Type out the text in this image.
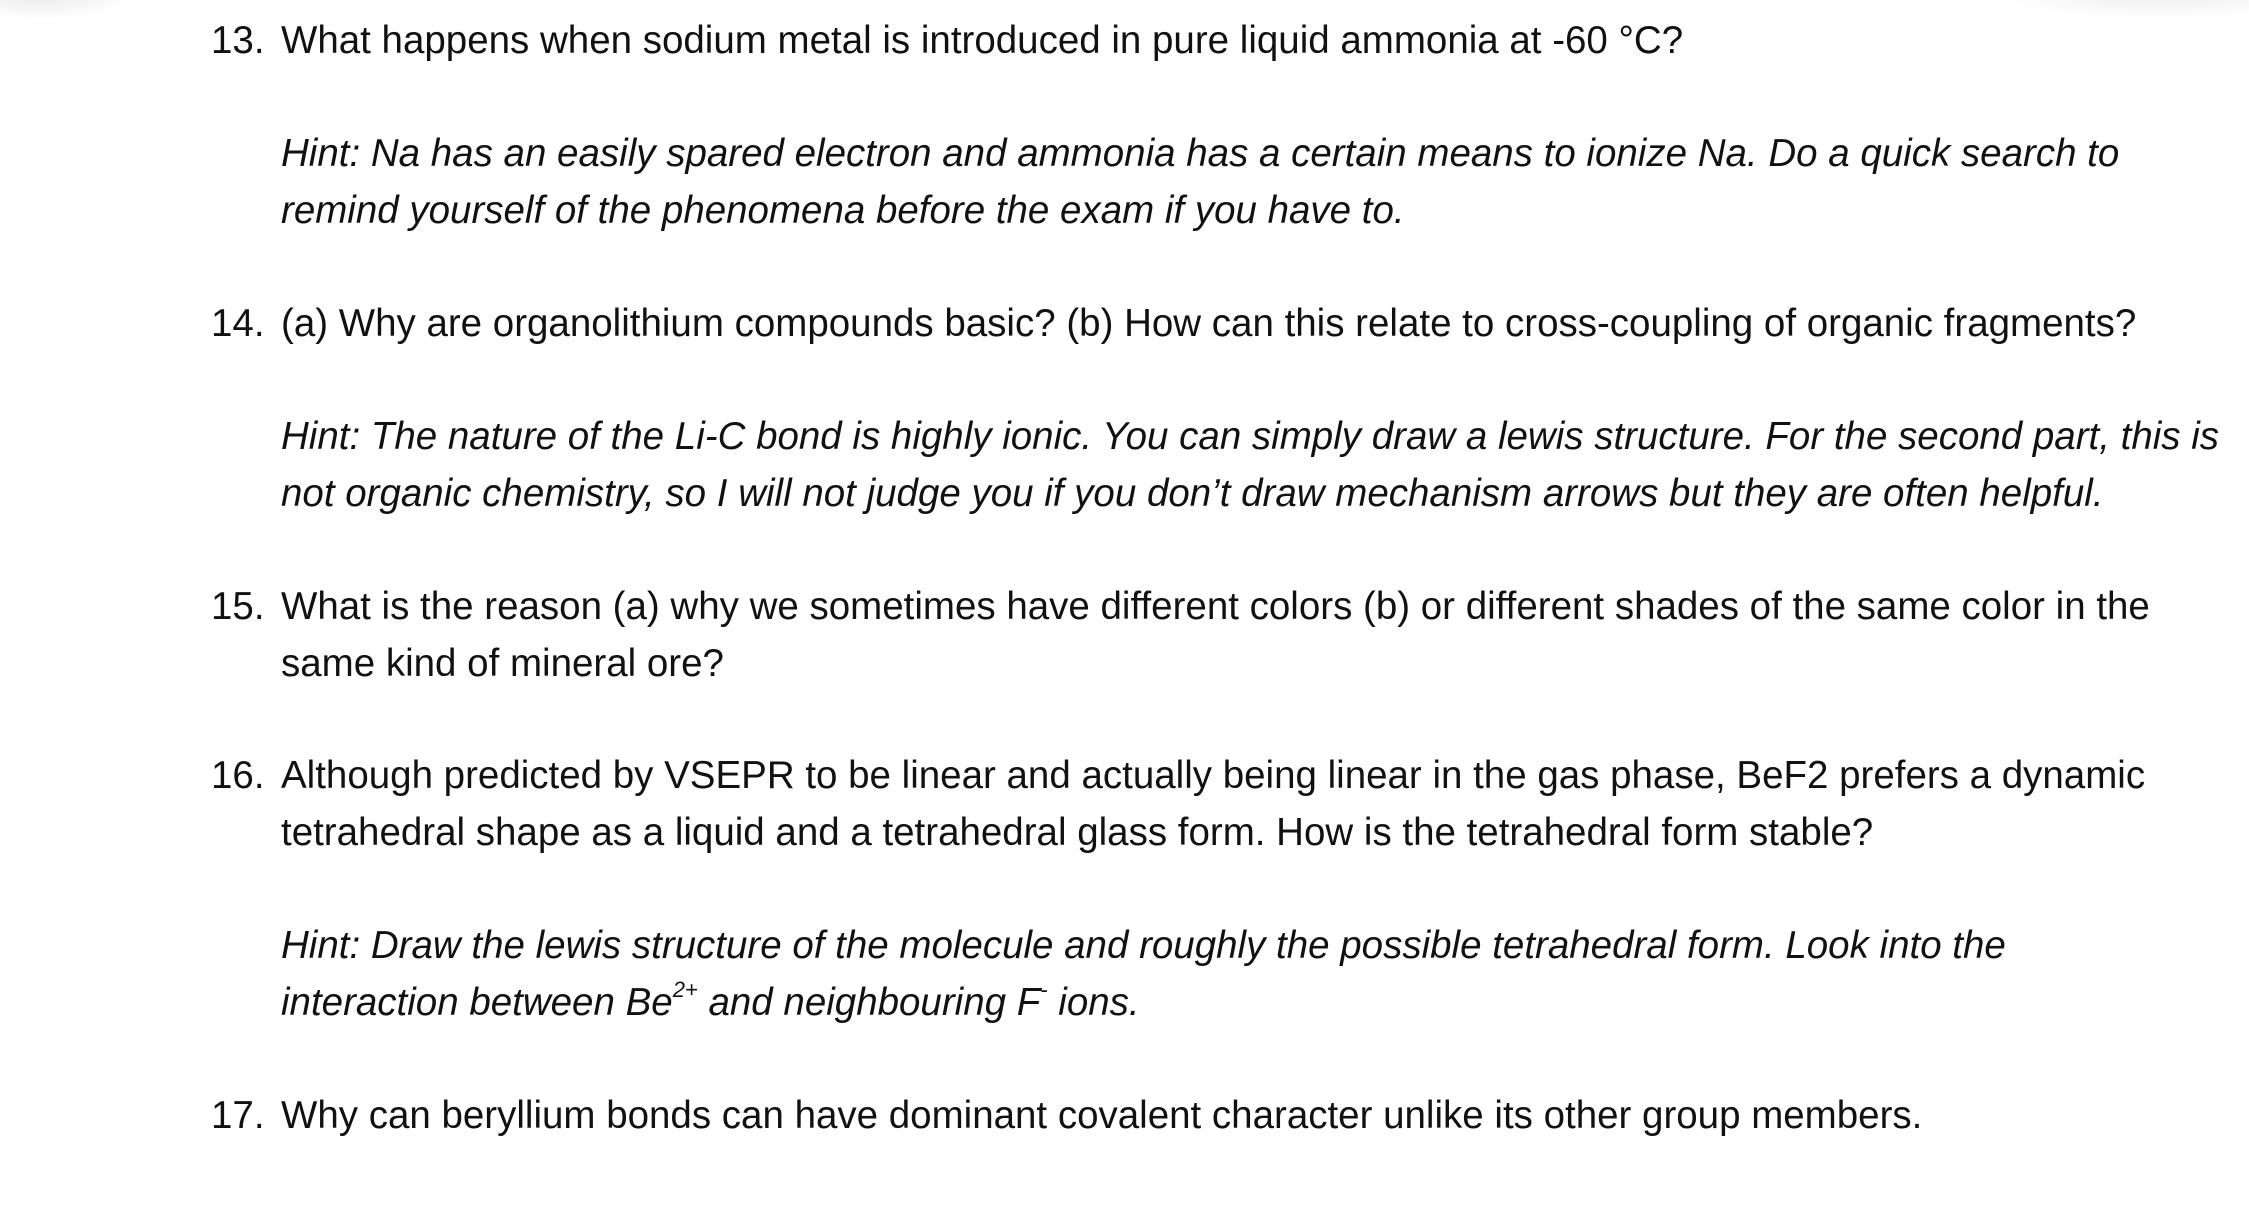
13. What happens when sodium metal is introduced in pure liquid ammonia at -60 °C?
Hint: Na has an easily spared electron and ammonia has a certain means to ionize Na. Do a quick search to
remind yourself of the phenomena before the exam if you have to.
14. (a) Why are organolithium compounds basic? (b) How can this relate to cross-coupling of organic fragments?
Hint: The nature of the Li-C bond is highly ionic. You can simply draw a lewis structure. For the second part, this is
not organic chemistry, so I will not judge you if you don’t draw mechanism arrows but they are often helpful.
15. What is the reason (a) why we sometimes have different colors (b) or different shades of the same color in the
same kind of mineral ore?
16. Although predicted by VSEPR to be linear and actually being linear in the gas phase, BeF2 prefers a dynamic
tetrahedral shape as a liquid and a tetrahedral glass form. How is the tetrahedral form stable?
Hint: Draw the lewis structure of the molecule and roughly the possible tetrahedral form. Look into the
interaction between $Be^{2+}$ and neighbouring F- ions.
17. Why can beryllium bonds can have dominant covalent character unlike its other group members.
